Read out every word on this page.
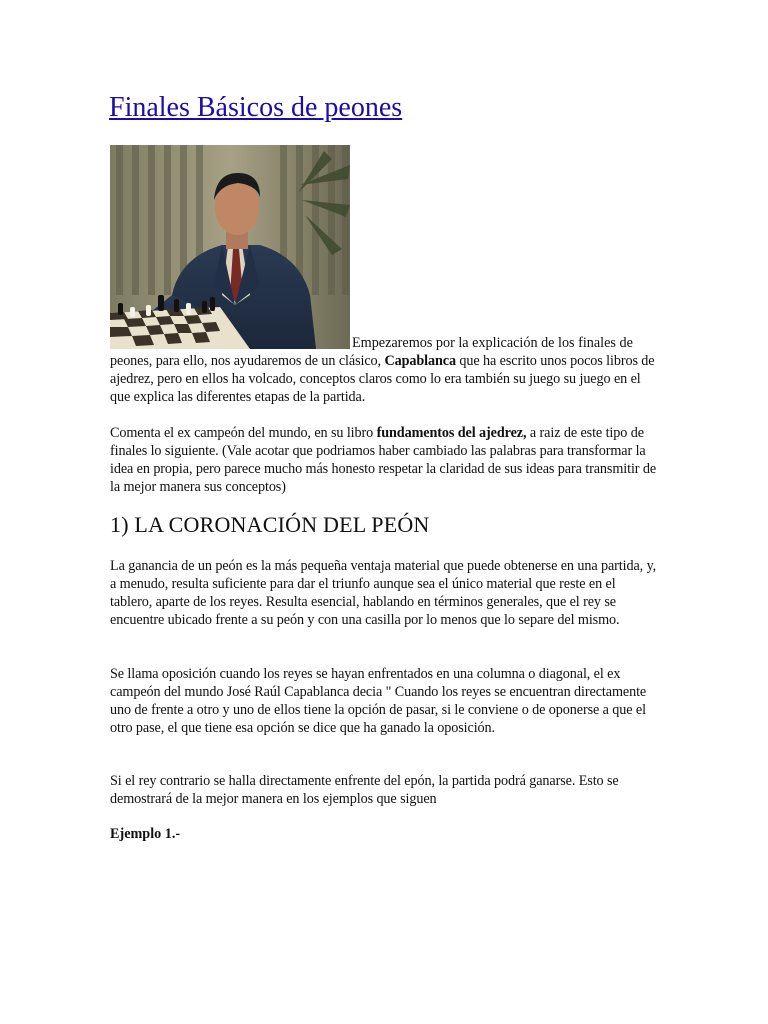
Finales Básicos de peones
Empezaremos por la explicación de los finales de

peones, para ello, nos ayudaremos de un clásico, Capablanca que ha escrito unos pocos libros de ajedrez, pero en ellos ha volcado, conceptos claros como lo era también su juego su juego en el que explica las diferentes etapas de la partida.

Comenta el ex campeón del mundo, en su libro fundamentos del ajedrez, a raiz de este tipo de finales lo siguiente. (Vale acotar que podriamos haber cambiado las palabras para transformar la idea en propia, pero parece mucho más honesto respetar la claridad de sus ideas para transmitir de la mejor manera sus conceptos)

1) LA CORONACIÓN DEL PEÓN

La ganancia de un peón es la más pequeña ventaja material que puede obtenerse en una partida, y, a menudo, resulta suficiente para dar el triunfo aunque sea el único material que reste en el tablero, aparte de los reyes. Resulta esencial, hablando en términos generales, que el rey se encuentre ubicado frente a su peón y con una casilla por lo menos que lo separe del mismo.

Se llama oposición cuando los reyes se hayan enfrentados en una columna o diagonal, el ex campeón del mundo José Raúl Capablanca decia " Cuando los reyes se encuentran directamente uno de frente a otro y uno de ellos tiene la opción de pasar, si le conviene o de oponerse a que el otro pase, el que tiene esa opción se dice que ha ganado la oposición.

Si el rey contrario se halla directamente enfrente del epón, la partida podrá ganarse. Esto se demostrará de la mejor manera en los ejemplos que siguen

Ejemplo 1.-
